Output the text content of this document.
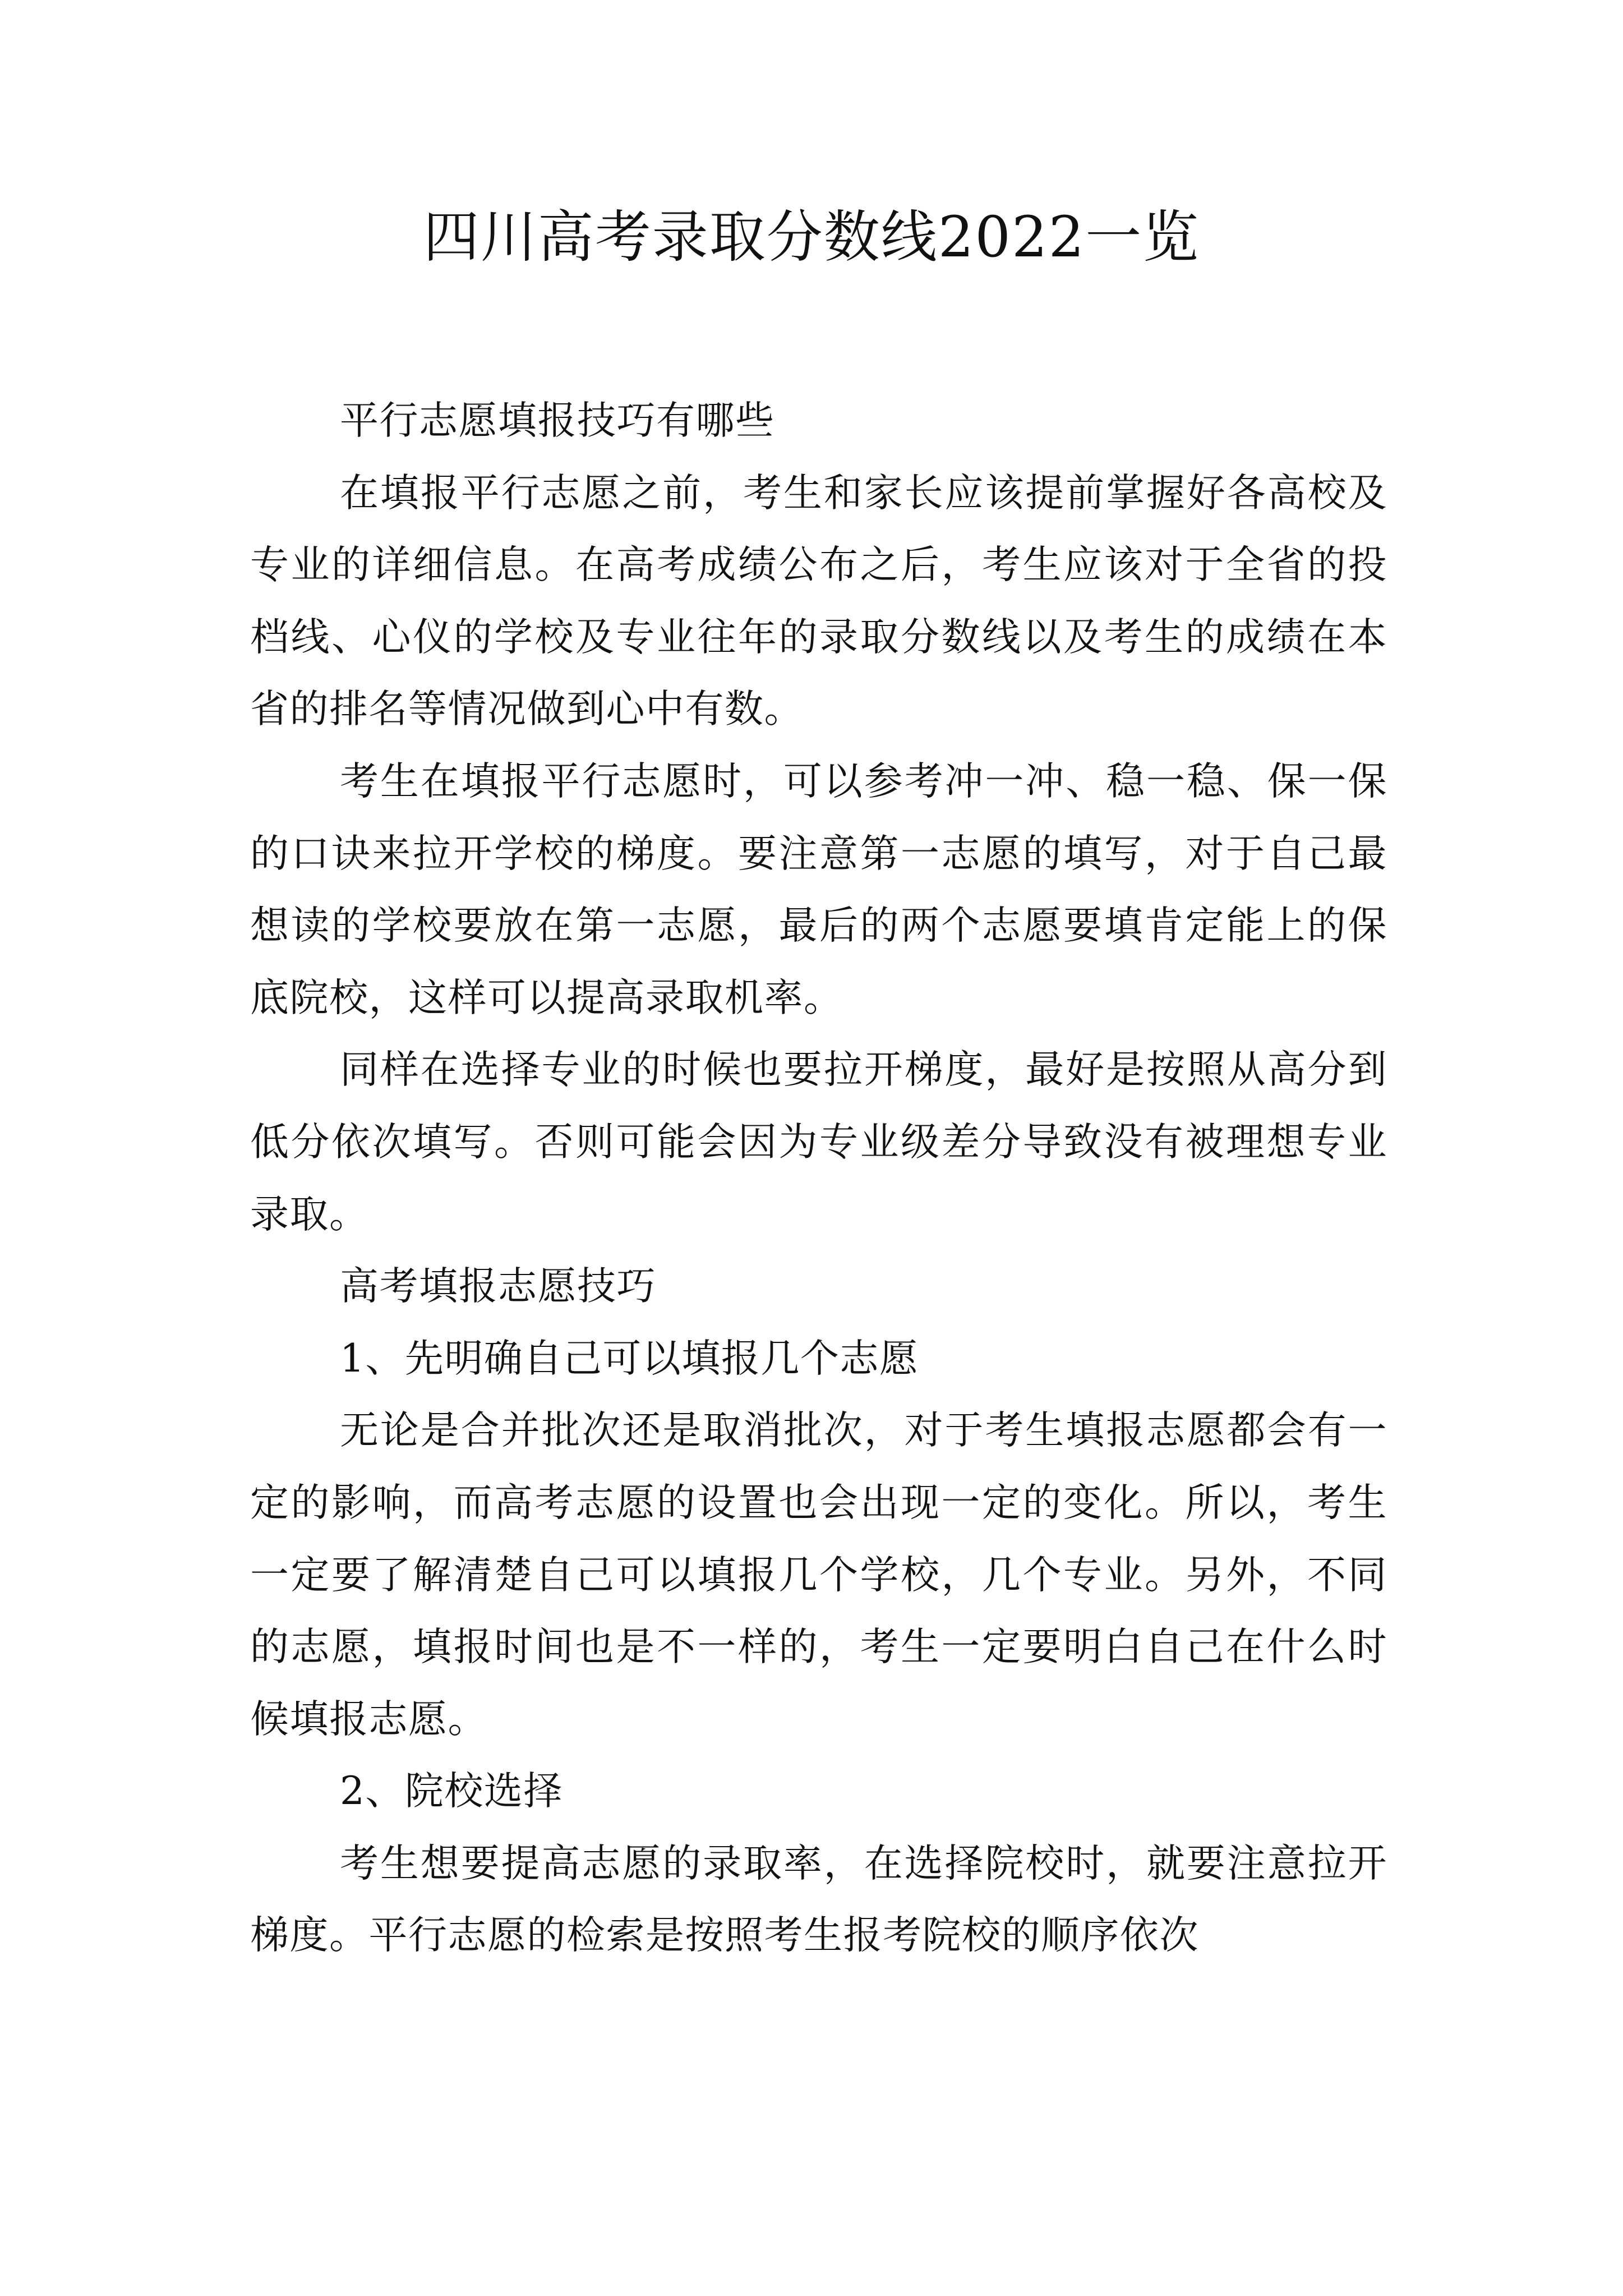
四川高考录取分数线2022一览

平行志愿填报技巧有哪些

在填报平行志愿之前，考生和家长应该提前掌握好各高校及专业的详细信息。在高考成绩公布之后，考生应该对于全省的投档线、心仪的学校及专业往年的录取分数线以及考生的成绩在本省的排名等情况做到心中有数。

考生在填报平行志愿时，可以参考冲一冲、稳一稳、保一保的口诀来拉开学校的梯度。要注意第一志愿的填写，对于自己最想读的学校要放在第一志愿，最后的两个志愿要填肯定能上的保底院校，这样可以提高录取机率。

同样在选择专业的时候也要拉开梯度，最好是按照从高分到低分依次填写。否则可能会因为专业级差分导致没有被理想专业录取。

高考填报志愿技巧

1、先明确自己可以填报几个志愿

无论是合并批次还是取消批次，对于考生填报志愿都会有一定的影响，而高考志愿的设置也会出现一定的变化。所以，考生一定要了解清楚自己可以填报几个学校，几个专业。另外，不同的志愿，填报时间也是不一样的，考生一定要明白自己在什么时候填报志愿。

2、院校选择

考生想要提高志愿的录取率，在选择院校时，就要注意拉开梯度。平行志愿的检索是按照考生报考院校的顺序依次
